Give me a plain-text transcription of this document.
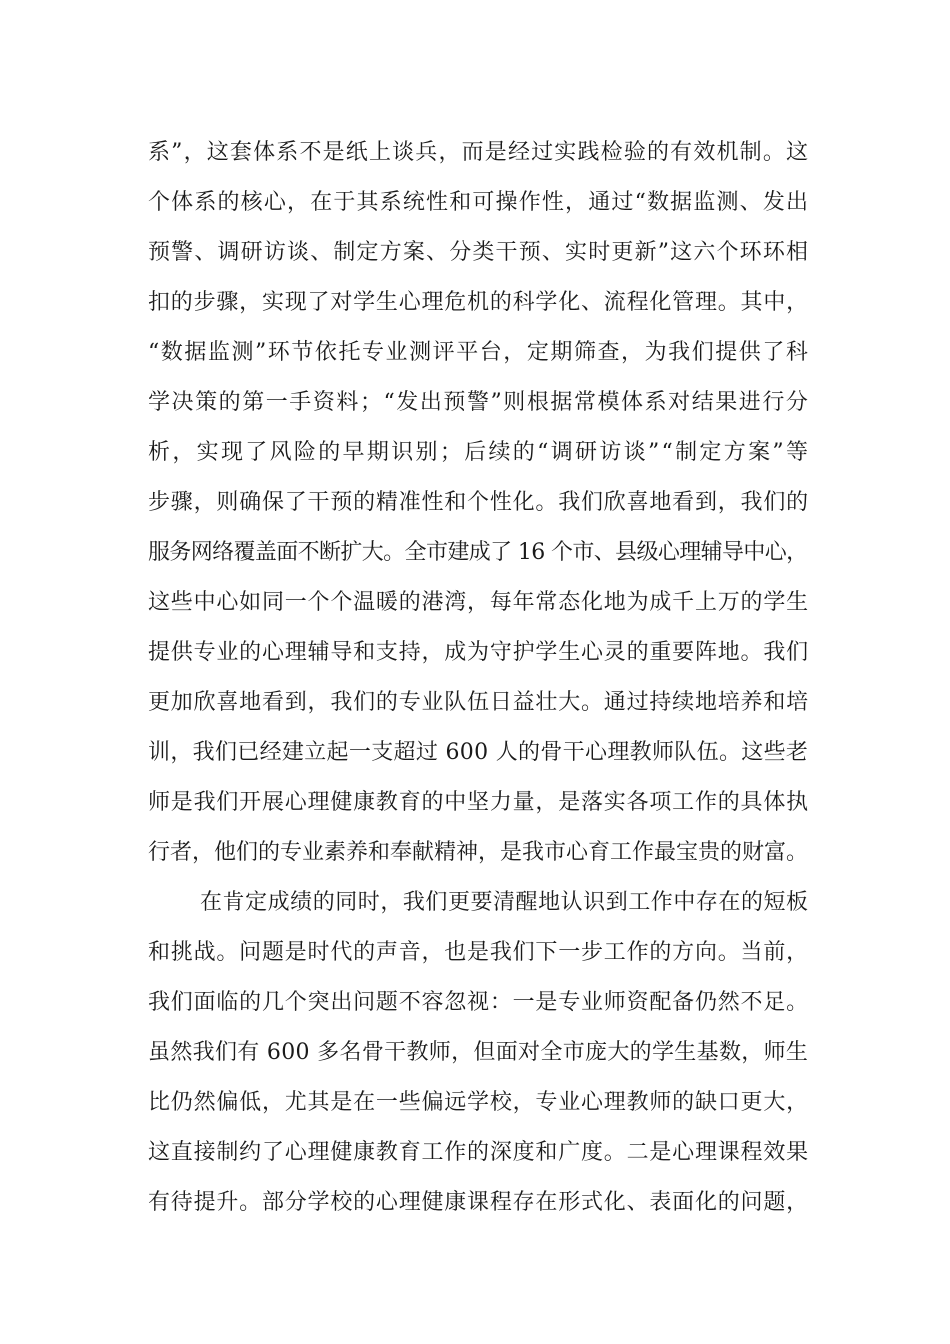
系”，这套体系不是纸上谈兵，而是经过实践检验的有效机制。这
个体系的核心，在于其系统性和可操作性，通过“数据监测、发出
预警、调研访谈、制定方案、分类干预、实时更新”这六个环环相
扣的步骤，实现了对学生心理危机的科学化、流程化管理。其中，
“数据监测”环节依托专业测评平台，定期筛查，为我们提供了科
学决策的第一手资料；“发出预警”则根据常模体系对结果进行分
析，实现了风险的早期识别；后续的“调研访谈”“制定方案”等
步骤，则确保了干预的精准性和个性化。我们欣喜地看到，我们的
服务网络覆盖面不断扩大。全市建成了 16 个市、县级心理辅导中心，
这些中心如同一个个温暖的港湾，每年常态化地为成千上万的学生
提供专业的心理辅导和支持，成为守护学生心灵的重要阵地。我们
更加欣喜地看到，我们的专业队伍日益壮大。通过持续地培养和培
训，我们已经建立起一支超过 600 人的骨干心理教师队伍。这些老
师是我们开展心理健康教育的中坚力量，是落实各项工作的具体执
行者，他们的专业素养和奉献精神，是我市心育工作最宝贵的财富。
在肯定成绩的同时，我们更要清醒地认识到工作中存在的短板
和挑战。问题是时代的声音，也是我们下一步工作的方向。当前，
我们面临的几个突出问题不容忽视：一是专业师资配备仍然不足。
虽然我们有 600 多名骨干教师，但面对全市庞大的学生基数，师生
比仍然偏低，尤其是在一些偏远学校，专业心理教师的缺口更大，
这直接制约了心理健康教育工作的深度和广度。二是心理课程效果
有待提升。部分学校的心理健康课程存在形式化、表面化的问题，
